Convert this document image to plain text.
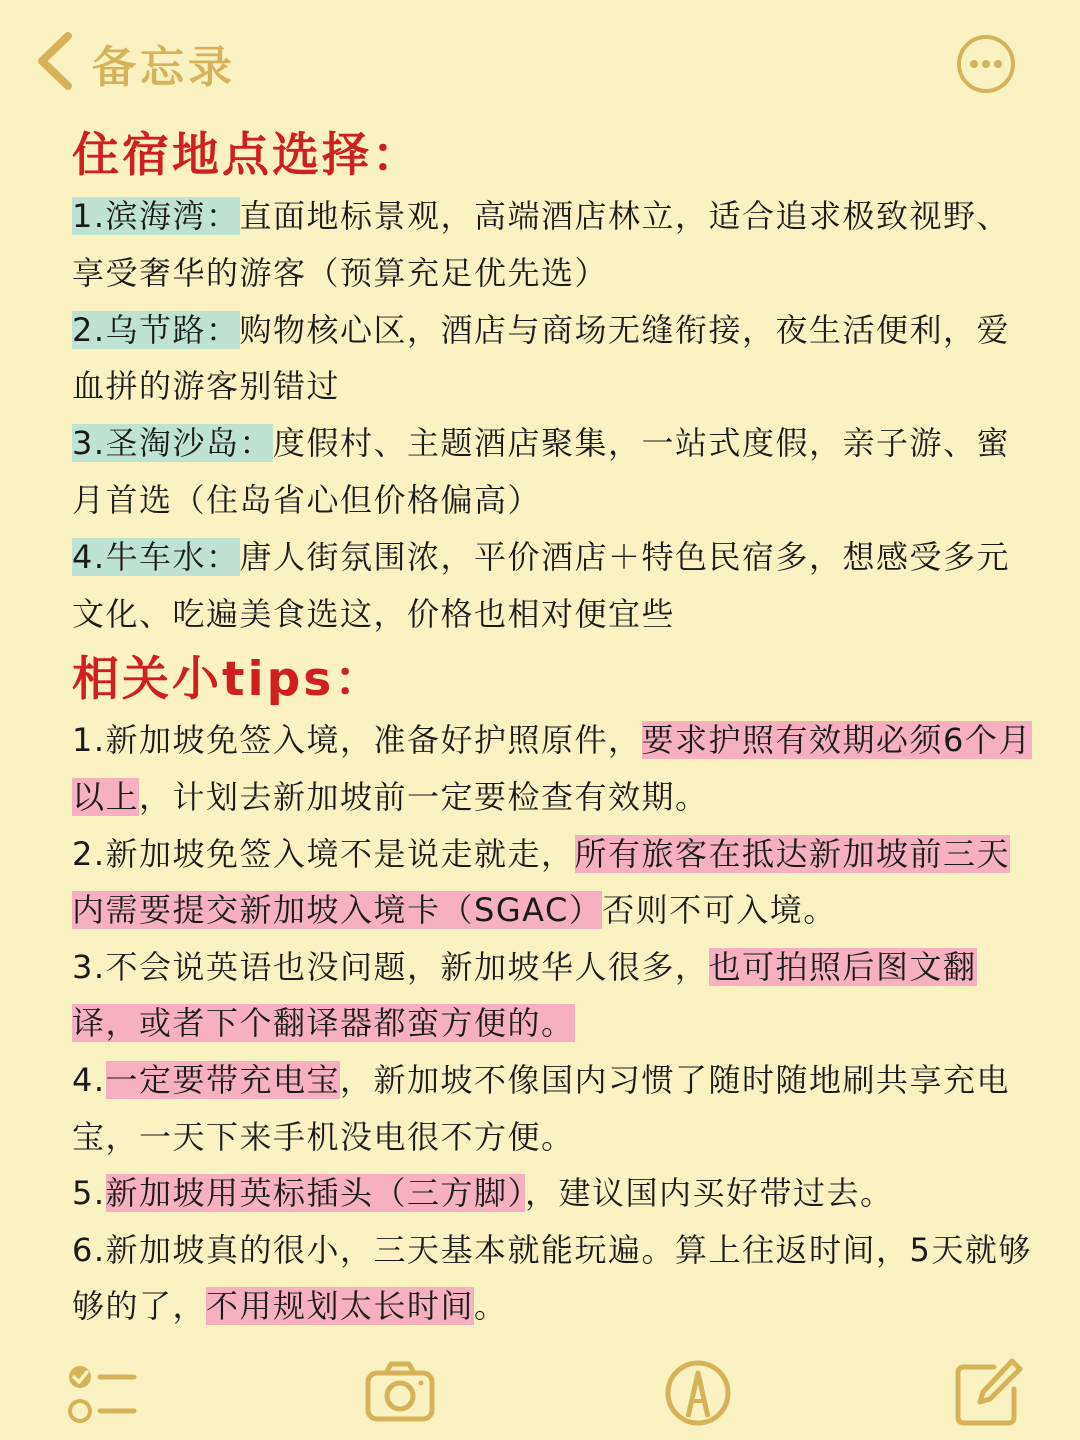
备忘录
住宿地点选择：
1.滨海湾：直面地标景观，高端酒店林立，适合追求极致视野、享受奢华的游客（预算充足优先选）
2.乌节路：购物核心区，酒店与商场无缝衔接，夜生活便利，爱血拼的游客别错过
3.圣淘沙岛：度假村、主题酒店聚集，一站式度假，亲子游、蜜月首选（住岛省心但价格偏高）
4.牛车水：唐人街氛围浓，平价酒店＋特色民宿多，想感受多元文化、吃遍美食选这，价格也相对便宜些
相关小tips：
1.新加坡免签入境，准备好护照原件，要求护照有效期必须6个月以上，计划去新加坡前一定要检查有效期。
2.新加坡免签入境不是说走就走，所有旅客在抵达新加坡前三天内需要提交新加坡入境卡（SGAC）否则不可入境。
3.不会说英语也没问题，新加坡华人很多，也可拍照后图文翻译，或者下个翻译器都蛮方便的。
4.一定要带充电宝，新加坡不像国内习惯了随时随地刷共享充电宝，一天下来手机没电很不方便。
5.新加坡用英标插头（三方脚），建议国内买好带过去。
6.新加坡真的很小，三天基本就能玩遍。算上往返时间，5天就够够的了，不用规划太长时间。
